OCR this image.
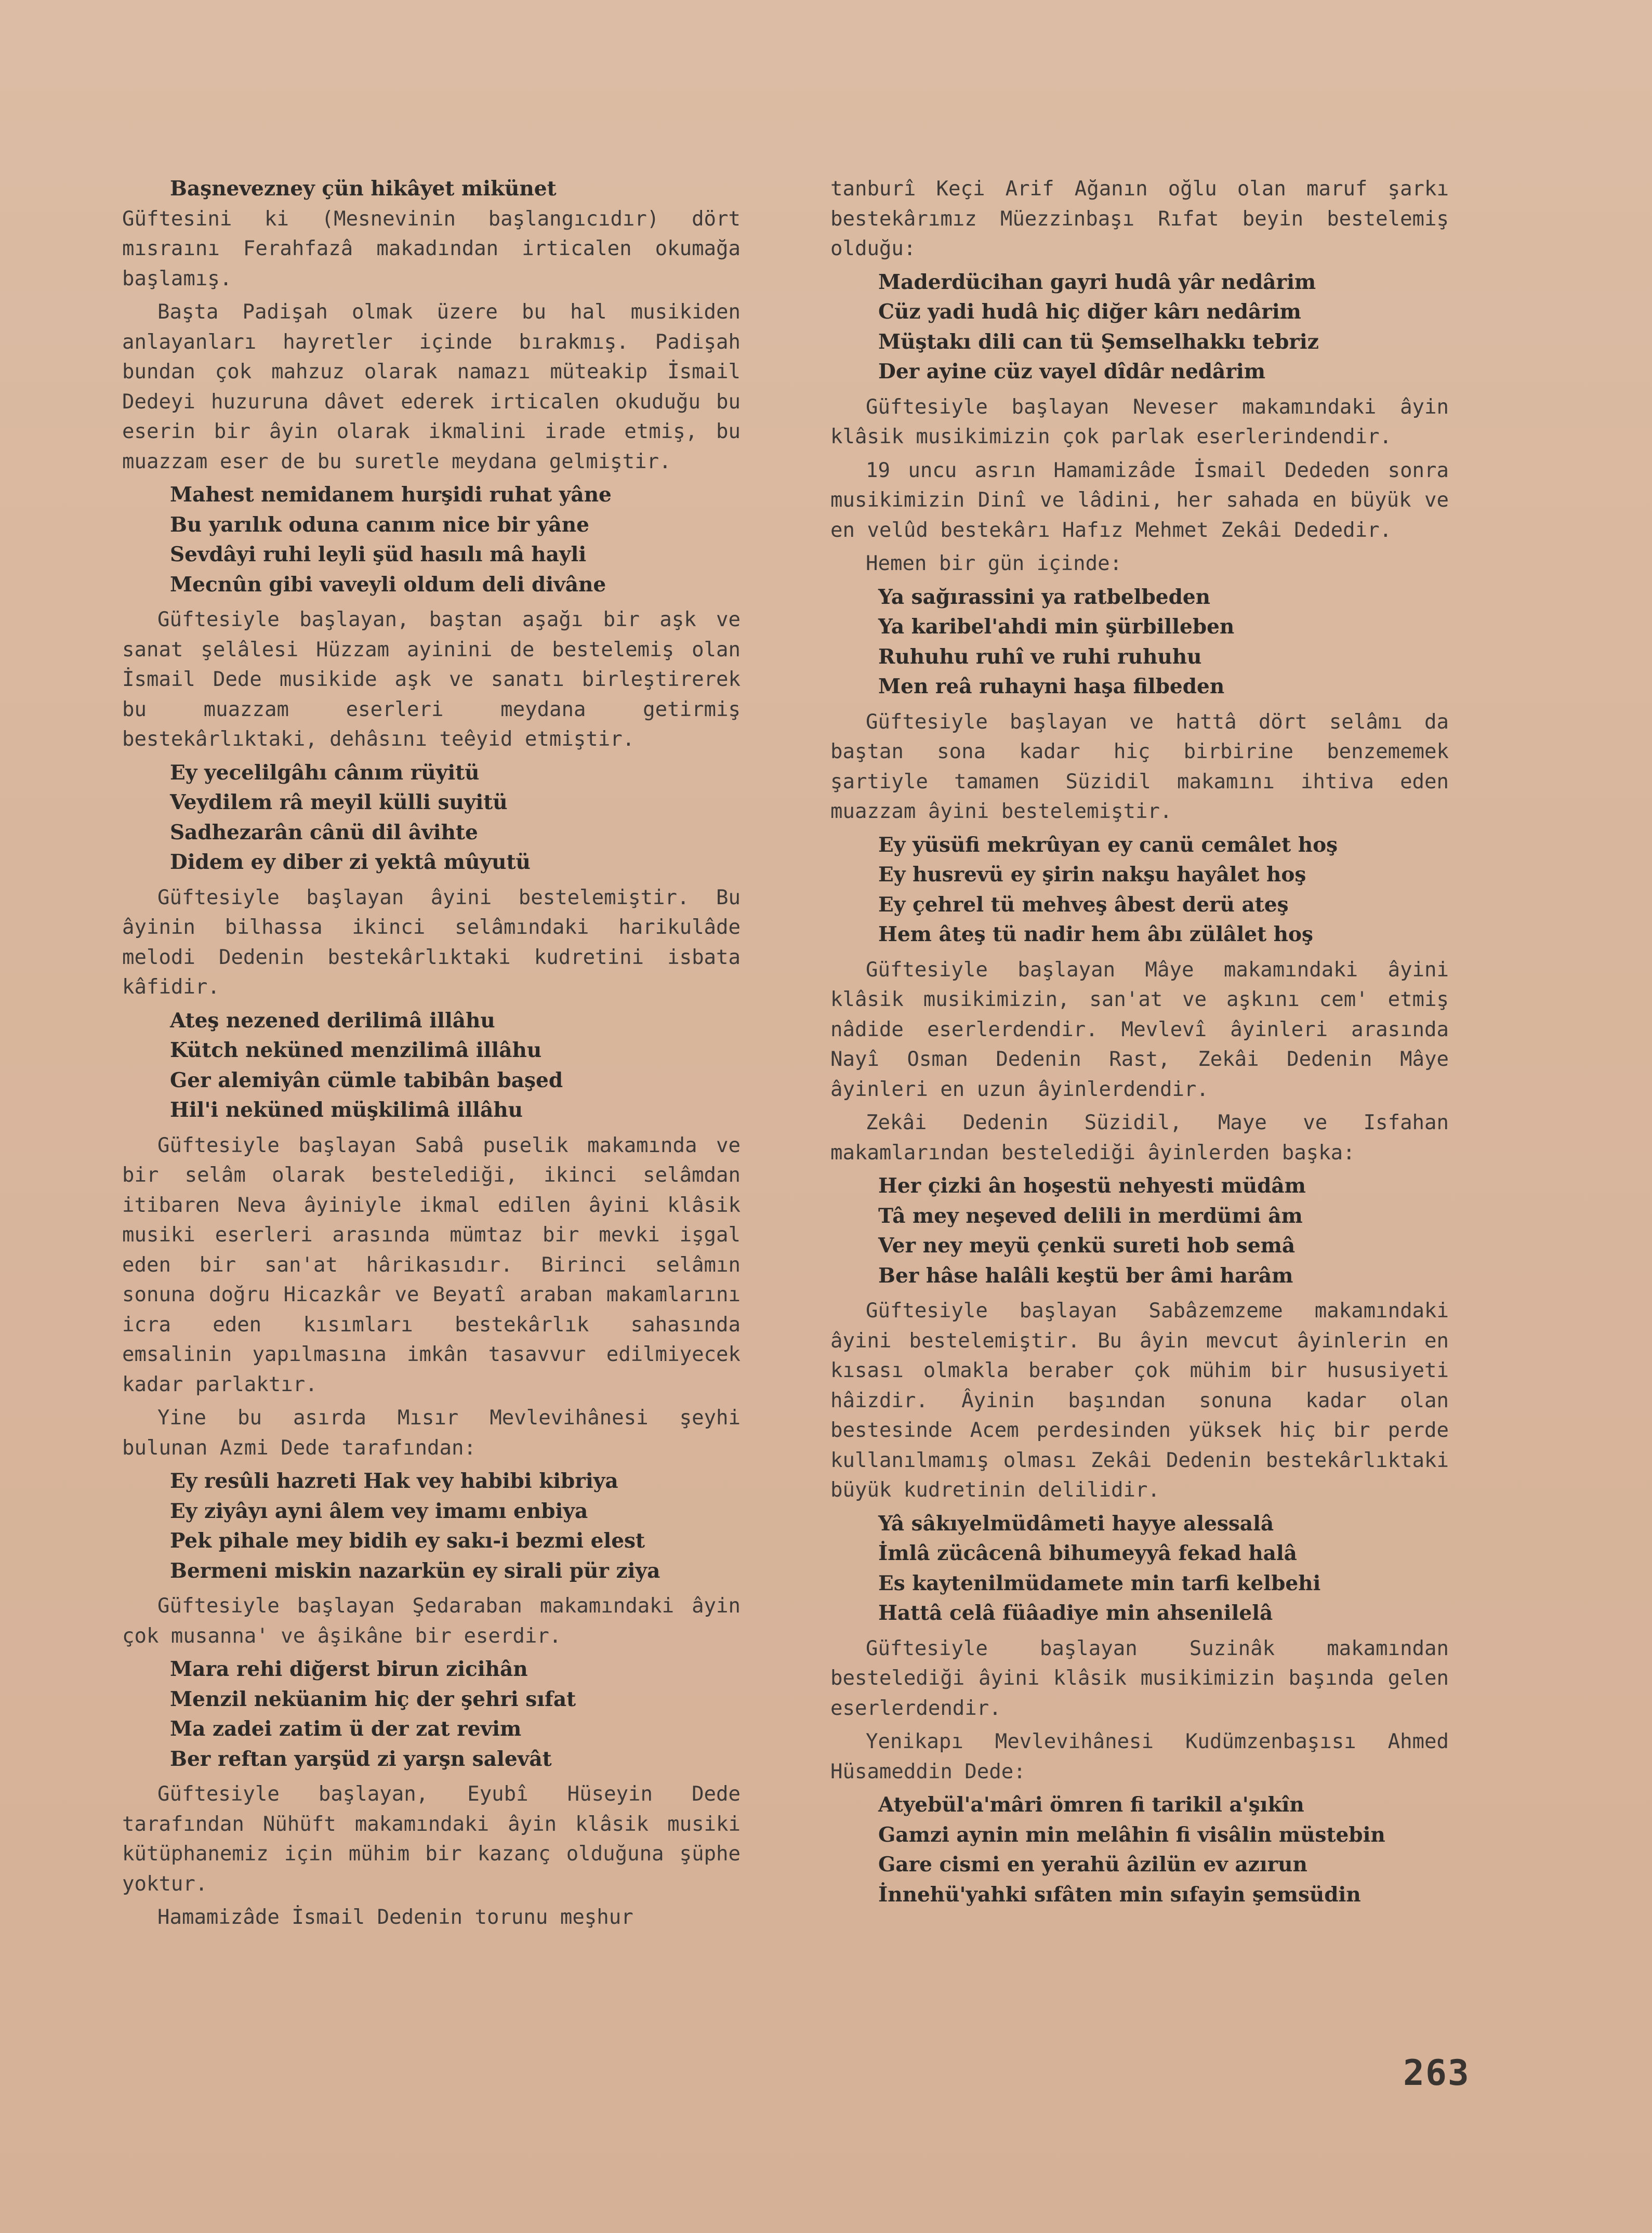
Başnevezney çün hikâyet mikünet

Güftesini ki (Mesnevinin başlangıcıdır) dört mısraını Ferahfazâ makadından irticalen okumağa başlamış.

Başta Padişah olmak üzere bu hal musikiden anlayanları hayretler içinde bırakmış. Padişah bundan çok mahzuz olarak namazı müteakip İsmail Dedeyi huzuruna dâvet ederek irticalen okuduğu bu eserin bir âyin olarak ikmalini irade etmiş, bu muazzam eser de bu suretle meydana gelmiştir.

Mahest nemidanem hurşidi ruhat yâne
Bu yarılık oduna canım nice bir yâne
Sevdâyi ruhi leyli şüd hasılı mâ hayli
Mecnûn gibi vaveyli oldum deli divâne

Güftesiyle başlayan, baştan aşağı bir aşk ve sanat şelâlesi Hüzzam ayinini de bestelemiş olan İsmail Dede musikide aşk ve sanatı birleştirerek bu muazzam eserleri meydana getirmiş bestekârlıktaki, dehâsını teêyid etmiştir.

Ey yecelilgâhı cânım rüyitü
Veydilem râ meyil külli suyitü
Sadhezarân cânü dil âvihte
Didem ey diber zi yektâ mûyutü

Güftesiyle başlayan âyini bestelemiştir. Bu âyinin bilhassa ikinci selâmındaki harikulâde melodi Dedenin bestekârlıktaki kudretini isbata kâfidir.

Ateş nezened derilimâ illâhu
Kütch neküned menzilimâ illâhu
Ger alemiyân cümle tabibân başed
Hil'i neküned müşkilimâ illâhu

Güftesiyle başlayan Sabâ puselik makamında ve bir selâm olarak bestelediği, ikinci selâmdan itibaren Neva âyiniyle ikmal edilen âyini klâsik musiki eserleri arasında mümtaz bir mevki işgal eden bir san'at hârikasıdır. Birinci selâmın sonuna doğru Hicazkâr ve Beyatî araban makamlarını icra eden kısımları bestekârlık sahasında emsalinin yapılmasına imkân tasavvur edilmiyecek kadar parlaktır.

Yine bu asırda Mısır Mevlevihânesi şeyhi bulunan Azmi Dede tarafından:

Ey resûli hazreti Hak vey habibi kibriya
Ey ziyâyı ayni âlem vey imamı enbiya
Pek pihale mey bidih ey sakı-i bezmi elest
Bermeni miskin nazarkün ey sirali pür ziya

Güftesiyle başlayan Şedaraban makamındaki âyin çok musanna' ve âşikâne bir eserdir.

Mara rehi diğerst birun zicihân
Menzil neküanim hiç der şehri sıfat
Ma zadei zatim ü der zat revim
Ber reftan yarşüd zi yarşn salevât

Güftesiyle başlayan, Eyubî Hüseyin Dede tarafından Nühüft makamındaki âyin klâsik musiki kütüphanemiz için mühim bir kazanç olduğuna şüphe yoktur.

Hamamizâde İsmail Dedenin torunu meşhur

tanburî Keçi Arif Ağanın oğlu olan maruf şarkı bestekârımız Müezzinbaşı Rıfat beyin bestelemiş olduğu:

Maderdücihan gayri hudâ yâr nedârim
Cüz yadi hudâ hiç diğer kârı nedârim
Müştakı dili can tü Şemselhakkı tebriz
Der ayine cüz vayel dîdâr nedârim

Güftesiyle başlayan Neveser makamındaki âyin klâsik musikimizin çok parlak eserlerindendir.

19 uncu asrın Hamamizâde İsmail Dededen sonra musikimizin Dinî ve lâdini, her sahada en büyük ve en velûd bestekârı Hafız Mehmet Zekâi Dededir.

Hemen bir gün içinde:

Ya sağırassini ya ratbelbeden
Ya karibel'ahdi min şürbilleben
Ruhuhu ruhî ve ruhi ruhuhu
Men reâ ruhayni haşa filbeden

Güftesiyle başlayan ve hattâ dört selâmı da baştan sona kadar hiç birbirine benzememek şartiyle tamamen Süzidil makamını ihtiva eden muazzam âyini bestelemiştir.

Ey yüsüfi mekrûyan ey canü cemâlet hoş
Ey husrevü ey şirin nakşu hayâlet hoş
Ey çehrel tü mehveş âbest derü ateş
Hem âteş tü nadir hem âbı zülâlet hoş

Güftesiyle başlayan Mâye makamındaki âyini klâsik musikimizin, san'at ve aşkını cem' etmiş nâdide eserlerdendir. Mevlevî âyinleri arasında Nayî Osman Dedenin Rast, Zekâi Dedenin Mâye âyinleri en uzun âyinlerdendir.

Zekâi Dedenin Süzidil, Maye ve Isfahan makamlarından bestelediği âyinlerden başka:

Her çizki ân hoşestü nehyesti müdâm
Tâ mey neşeved delili in merdümi âm
Ver ney meyü çenkü sureti hob semâ
Ber hâse halâli keştü ber âmi harâm

Güftesiyle başlayan Sabâzemzeme makamındaki âyini bestelemiştir. Bu âyin mevcut âyinlerin en kısası olmakla beraber çok mühim bir hususiyeti hâizdir. Âyinin başından sonuna kadar olan bestesinde Acem perdesinden yüksek hiç bir perde kullanılmamış olması Zekâi Dedenin bestekârlıktaki büyük kudretinin delilidir.

Yâ sâkıyelmüdâmeti hayye alessalâ
İmlâ zücâcenâ bihumeyyâ fekad halâ
Es kaytenilmüdamete min tarfi kelbehi
Hattâ celâ füâadiye min ahsenilelâ

Güftesiyle başlayan Suzinâk makamından bestelediği âyini klâsik musikimizin başında gelen eserlerdendir.

Yenikapı Mevlevihânesi Kudümzenbaşısı Ahmed Hüsameddin Dede:

Atyebül'a'mâri ömren fi tarikil a'şıkîn
Gamzi aynin min melâhin fi visâlin müstebin
Gare cismi en yerahü âzilün ev azırun
İnnehü'yahki sıfâten min sıfayin şemsüdin
263
